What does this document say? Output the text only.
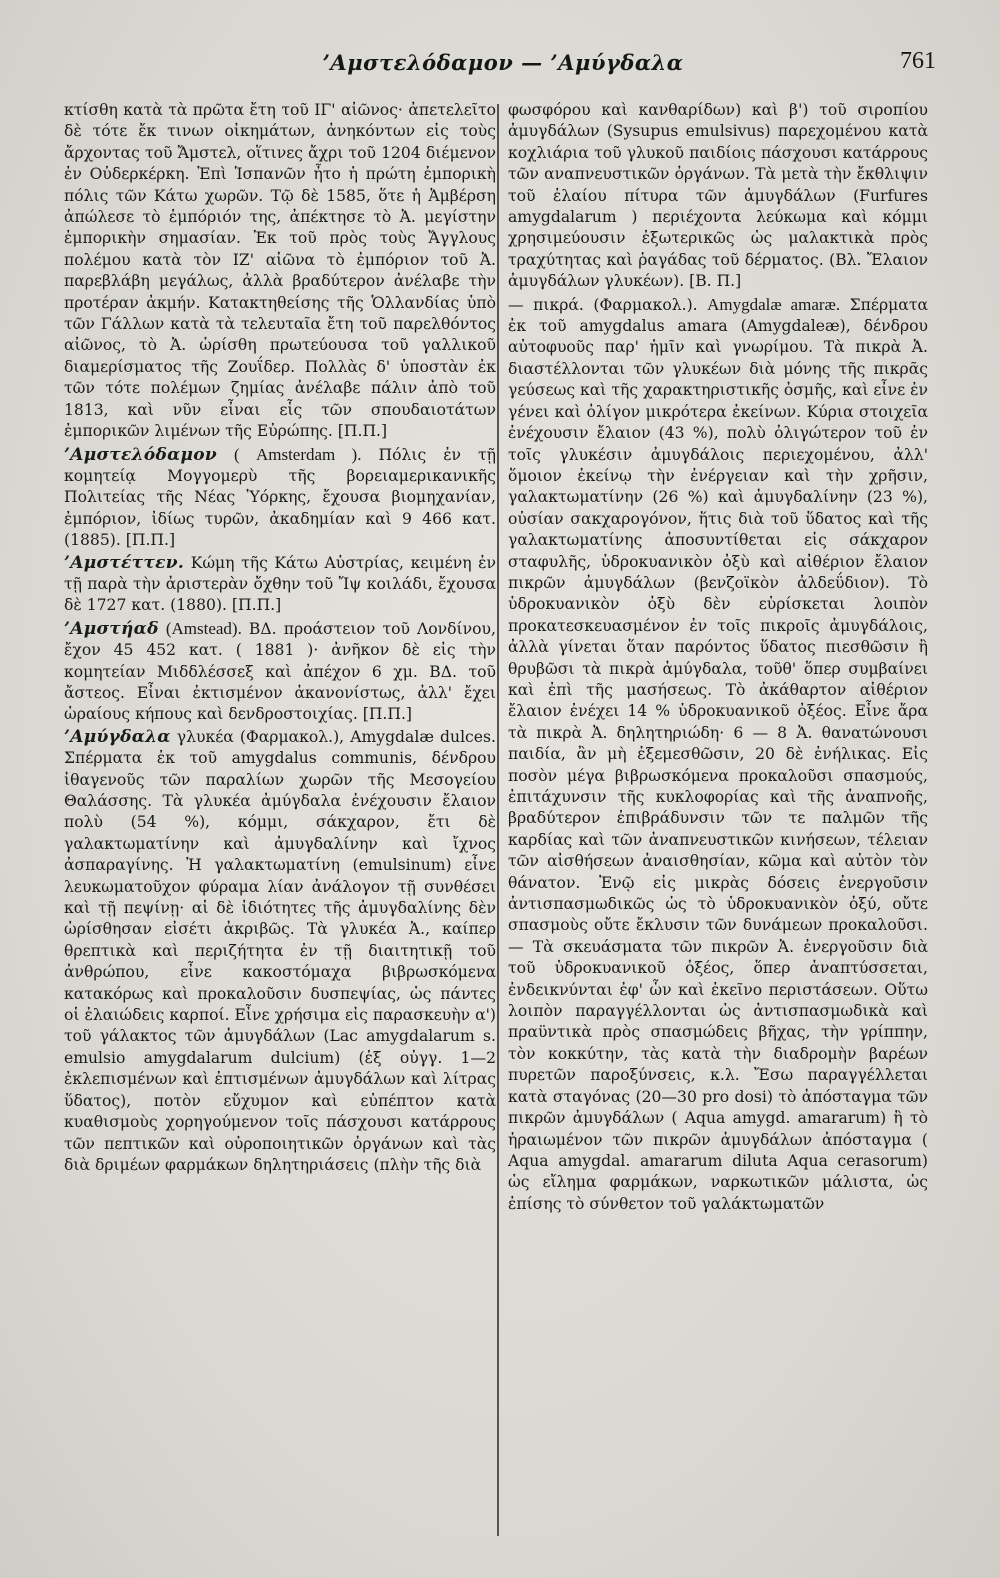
’Αμστελόδαμον — ’Αμύγδαλα	761

κτίσθη κατὰ τὰ πρῶτα ἔτη τοῦ ΙΓ' αἰῶνος· ἀπετελεῖτο δὲ τότε ἔκ τινων οἰκημάτων, ἀνηκόντων εἰς τοὺς ἄρχοντας τοῦ Ἄμστελ, οἵτινες ἄχρι τοῦ 1204 διέμενον ἐν Οὐδερκέρκη. Ἐπὶ Ἱσπανῶν ἦτο ἡ πρώτη ἐμπορικὴ πόλις τῶν Κάτω χωρῶν. Τῷ δὲ 1585, ὅτε ἡ Ἀμβέρση ἀπώλεσε τὸ ἐμπόριόν της, ἀπέκτησε τὸ Ἀ. μεγίστην ἐμπορικὴν σημασίαν. Ἐκ τοῦ πρὸς τοὺς Ἄγγλους πολέμου κατὰ τὸν ΙΖ' αἰῶνα τὸ ἐμπόριον τοῦ Ἀ. παρεβλάβη μεγάλως, ἀλλὰ βραδύτερον ἀνέλαβε τὴν προτέραν ἀκμήν. Κατακτηθείσης τῆς Ὁλλανδίας ὑπὸ τῶν Γάλλων κατὰ τὰ τελευταῖα ἔτη τοῦ παρελθόντος αἰῶνος, τὸ Ἀ. ὡρίσθη πρωτεύουσα τοῦ γαλλικοῦ διαμερίσματος τῆς Ζουΐδερ. Πολλὰς δ' ὑποστὰν ἐκ τῶν τότε πολέμων ζημίας ἀνέλαβε πάλιν ἀπὸ τοῦ 1813, καὶ νῦν εἶναι εἷς τῶν σπουδαιοτάτων ἐμπορικῶν λιμένων τῆς Εὐρώπης. [Π.Π.]

’Αμστελόδαμον ( Amsterdam ). Πόλις ἐν τῇ κομητείᾳ Μογγομερὺ τῆς βορειαμερικανικῆς Πολιτείας τῆς Νέας Ὑόρκης, ἔχουσα βιομηχανίαν, ἐμπόριον, ἰδίως τυρῶν, ἀκαδημίαν καὶ 9 466 κατ. (1885). [Π.Π.]

’Αμστέττεν. Κώμη τῆς Κάτω Αὐστρίας, κειμένη ἐν τῇ παρὰ τὴν ἀριστερὰν ὄχθην τοῦ Ἴψ κοιλάδι, ἔχουσα δὲ 1727 κατ. (1880). [Π.Π.]

’Αμστήαδ (Amstead). ΒΔ. προάστειον τοῦ Λονδίνου, ἔχον 45 452 κατ. ( 1881 )· ἀνῆκον δὲ εἰς τὴν κομητείαν Μιδδλέσσεξ καὶ ἀπέχον 6 χμ. ΒΔ. τοῦ ἄστεος. Εἶναι ἐκτισμένον ἀκανονίστως, ἀλλ' ἔχει ὡραίους κήπους καὶ δενδροστοιχίας. [Π.Π.]

’Αμύγδαλα γλυκέα (Φαρμακολ.), Amygdalæ dulces. Σπέρματα ἐκ τοῦ amygdalus communis, δένδρου ἰθαγενοῦς τῶν παραλίων χωρῶν τῆς Μεσογείου Θαλάσσης. Τὰ γλυκέα ἀμύγδαλα ἐνέχουσιν ἔλαιον πολὺ (54 %), κόμμι, σάκχαρον, ἔτι δὲ γαλακτωματίνην καὶ ἀμυγδαλίνην καὶ ἴχνος ἀσπαραγίνης. Ἡ γαλακτωματίνη (emulsinum) εἶνε λευκωματοῦχον φύραμα λίαν ἀνάλογον τῇ συνθέσει καὶ τῇ πεψίνῃ· αἱ δὲ ἰδιότητες τῆς ἀμυγδαλίνης δὲν ὡρίσθησαν εἰσέτι ἀκριβῶς. Τὰ γλυκέα Ἀ., καίπερ θρεπτικὰ καὶ περιζήτητα ἐν τῇ διαιτητικῇ τοῦ ἀνθρώπου, εἶνε κακοστόμαχα βιβρωσκόμενα κατακόρως καὶ προκαλοῦσιν δυσπεψίας, ὡς πάντες οἱ ἐλαιώδεις καρποί. Εἶνε χρήσιμα εἰς παρασκευὴν α') τοῦ γάλακτος τῶν ἀμυγδάλων (Lac amygdalarum s. emulsio amygdalarum dulcium) (ἐξ οὐγγ. 1—2 ἐκλεπισμένων καὶ ἐπτισμένων ἀμυγδάλων καὶ λίτρας ὕδατος), ποτὸν εὔχυμον καὶ εὐπέπτον κατὰ κυαθισμοὺς χορηγούμενον τοῖς πάσχουσι κατάρρους τῶν πεπτικῶν καὶ οὐροποιητικῶν ὀργάνων καὶ τὰς διὰ δριμέων φαρμάκων δηλητηριάσεις (πλὴν τῆς διὰ

φωσφόρου καὶ κανθαρίδων) καὶ β') τοῦ σιροπίου ἀμυγδάλων (Sysupus emulsivus) παρεχομένου κατὰ κοχλιάρια τοῦ γλυκοῦ παιδίοις πάσχουσι κατάρρους τῶν αναπνευστικῶν ὀργάνων. Τὰ μετὰ τὴν ἔκθλιψιν τοῦ ἐλαίου πίτυρα τῶν ἀμυγδάλων (Furfures amygdalarum ) περιέχοντα λεύκωμα καὶ κόμμι χρησιμεύουσιν ἐξωτερικῶς ὡς μαλακτικὰ πρὸς τραχύτητας καὶ ῥαγάδας τοῦ δέρματος. (Βλ. Ἔλαιον ἀμυγδάλων γλυκέων). [Β. Π.]

— πικρά. (Φαρμακολ.). Amygdalæ amaræ. Σπέρματα ἐκ τοῦ amygdalus amara (Amygdaleæ), δένδρου αὐτοφυοῦς παρ' ἡμῖν καὶ γνωρίμου. Τὰ πικρὰ Ἀ. διαστέλλονται τῶν γλυκέων διὰ μόνης τῆς πικρᾶς γεύσεως καὶ τῆς χαρακτηριστικῆς ὀσμῆς, καὶ εἶνε ἐν γένει καὶ ὀλίγον μικρότερα ἐκείνων. Κύρια στοιχεῖα ἐνέχουσιν ἔλαιον (43 %), πολὺ ὀλιγώτερον τοῦ ἐν τοῖς γλυκέσιν ἀμυγδάλοις περιεχομένου, ἀλλ' ὅμοιον ἐκείνῳ τὴν ἐνέργειαν καὶ τὴν χρῆσιν, γαλακτωματίνην (26 %) καὶ ἀμυγδαλίνην (23 %), οὐσίαν σακχαρογόνον, ἥτις διὰ τοῦ ὕδατος καὶ τῆς γαλακτωματίνης ἀποσυντίθεται εἰς σάκχαρον σταφυλῆς, ὑδροκυανικὸν ὀξὺ καὶ αἰθέριον ἔλαιον πικρῶν ἀμυγδάλων (βενζοϊκὸν ἀλδεΰδιον). Τὸ ὑδροκυανικὸν ὀξὺ δὲν εὑρίσκεται λοιπὸν προκατεσκευασμένον ἐν τοῖς πικροῖς ἀμυγδάλοις, ἀλλὰ γίνεται ὅταν παρόντος ὕδατος πιεσθῶσιν ἢ θρυβῶσι τὰ πικρὰ ἀμύγδαλα, τοῦθ' ὅπερ συμβαίνει καὶ ἐπὶ τῆς μασήσεως. Τὸ ἀκάθαρτον αἰθέριον ἔλαιον ἐνέχει 14 % ὑδροκυανικοῦ ὀξέος. Εἶνε ἄρα τὰ πικρὰ Ἀ. δηλητηριώδη· 6 — 8 Ἀ. θανατώνουσι παιδία, ἂν μὴ ἐξεμεσθῶσιν, 20 δὲ ἐνήλικας. Εἰς ποσὸν μέγα βιβρωσκόμενα προκαλοῦσι σπασμούς, ἐπιτάχυνσιν τῆς κυκλοφορίας καὶ τῆς ἀναπνοῆς, βραδύτερον ἐπιβράδυνσιν τῶν τε παλμῶν τῆς καρδίας καὶ τῶν ἀναπνευστικῶν κινήσεων, τέλειαν τῶν αἰσθήσεων ἀναισθησίαν, κῶμα καὶ αὐτὸν τὸν θάνατον. Ἐνῷ εἰς μικρὰς δόσεις ἐνεργοῦσιν ἀντισπασμωδικῶς ὡς τὸ ὑδροκυανικὸν ὀξύ, οὔτε σπασμοὺς οὔτε ἔκλυσιν τῶν δυνάμεων προκαλοῦσι. — Τὰ σκευάσματα τῶν πικρῶν Ἀ. ἐνεργοῦσιν διὰ τοῦ ὑδροκυανικοῦ ὀξέος, ὅπερ ἀναπτύσσεται, ἐνδεικνύνται ἐφ' ὧν καὶ ἐκεῖνο περιστάσεων. Οὕτω λοιπὸν παραγγέλλονται ὡς ἀντισπασμωδικὰ καὶ πραϋντικὰ πρὸς σπασμώδεις βῆχας, τὴν γρίππην, τὸν κοκκύτην, τὰς κατὰ τὴν διαδρομὴν βαρέων πυρετῶν παροξύνσεις, κ.λ. Ἔσω παραγγέλλεται κατὰ σταγόνας (20—30 pro dosi) τὸ ἀπόσταγμα τῶν πικρῶν ἀμυγδάλων ( Aqua amygd. amararum) ἢ τὸ ἡραιωμένον τῶν πικρῶν ἀμυγδάλων ἀπόσταγμα ( Aqua amygdal. amararum diluta Aqua cerasorum) ὡς εἴλημα φαρμάκων, ναρκωτικῶν μάλιστα, ὡς ἐπίσης τὸ σύνθετον τοῦ γαλάκτωματῶν
